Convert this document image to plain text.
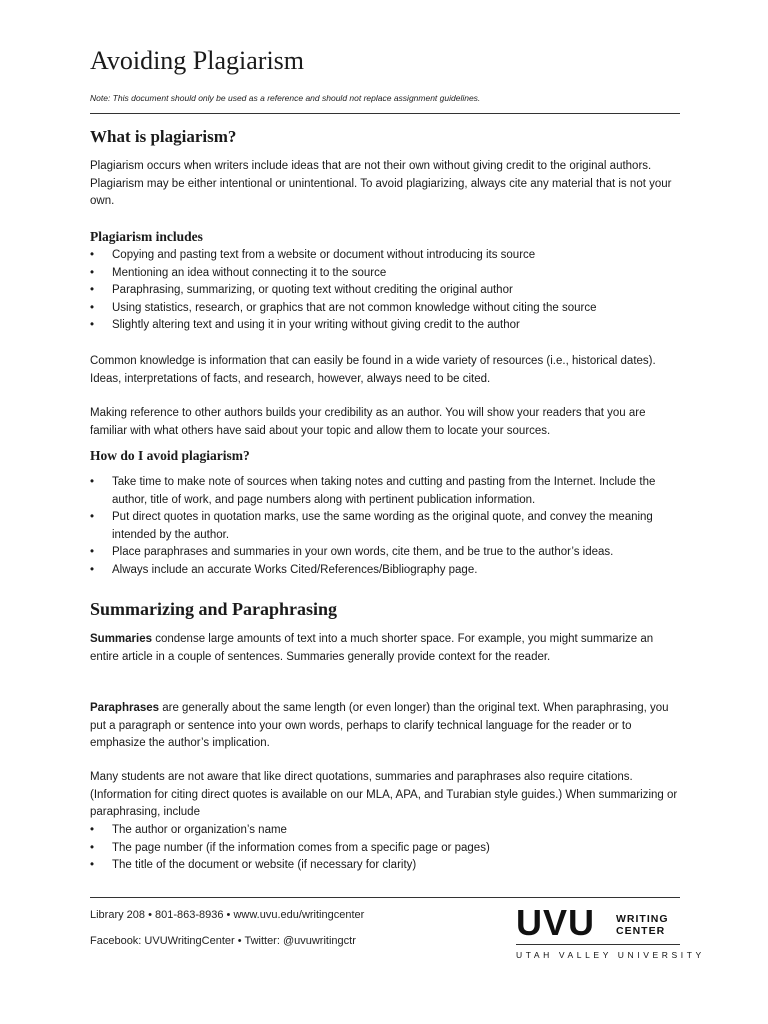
Avoiding Plagiarism
Note: This document should only be used as a reference and should not replace assignment guidelines.
What is plagiarism?

Plagiarism occurs when writers include ideas that are not their own without giving credit to the original authors. Plagiarism may be either intentional or unintentional. To avoid plagiarizing, always cite any material that is not your own.

Plagiarism includes
•	Copying and pasting text from a website or document without introducing its source
•	Mentioning an idea without connecting it to the source
•	Paraphrasing, summarizing, or quoting text without crediting the original author
•	Using statistics, research, or graphics that are not common knowledge without citing the source
•	Slightly altering text and using it in your writing without giving credit to the author

Common knowledge is information that can easily be found in a wide variety of resources (i.e., historical dates). Ideas, interpretations of facts, and research, however, always need to be cited.

Making reference to other authors builds your credibility as an author. You will show your readers that you are familiar with what others have said about your topic and allow them to locate your sources.

How do I avoid plagiarism?
•	Take time to make note of sources when taking notes and cutting and pasting from the Internet. Include the author, title of work, and page numbers along with pertinent publication information.
•	Put direct quotes in quotation marks, use the same wording as the original quote, and convey the meaning intended by the author.
•	Place paraphrases and summaries in your own words, cite them, and be true to the author’s ideas.
•	Always include an accurate Works Cited/References/Bibliography page.
Summarizing and Paraphrasing

Summaries condense large amounts of text into a much shorter space. For example, you might summarize an entire article in a couple of sentences. Summaries generally provide context for the reader.

Paraphrases are generally about the same length (or even longer) than the original text. When paraphrasing, you put a paragraph or sentence into your own words, perhaps to clarify technical language for the reader or to emphasize the author’s implication.

Many students are not aware that like direct quotations, summaries and paraphrases also require citations. (Information for citing direct quotes is available on our MLA, APA, and Turabian style guides.) When summarizing or paraphrasing, include

•	The author or organization’s name
•	The page number (if the information comes from a specific page or pages)
•	The title of the document or website (if necessary for clarity)
Library 208 • 801-863-8936 • www.uvu.edu/writingcenter
Facebook: UVUWritingCenter • Twitter: @uvuwritingctr	UVU WRITING
CENTER
UTAH VALLEY UNIVERSITY
